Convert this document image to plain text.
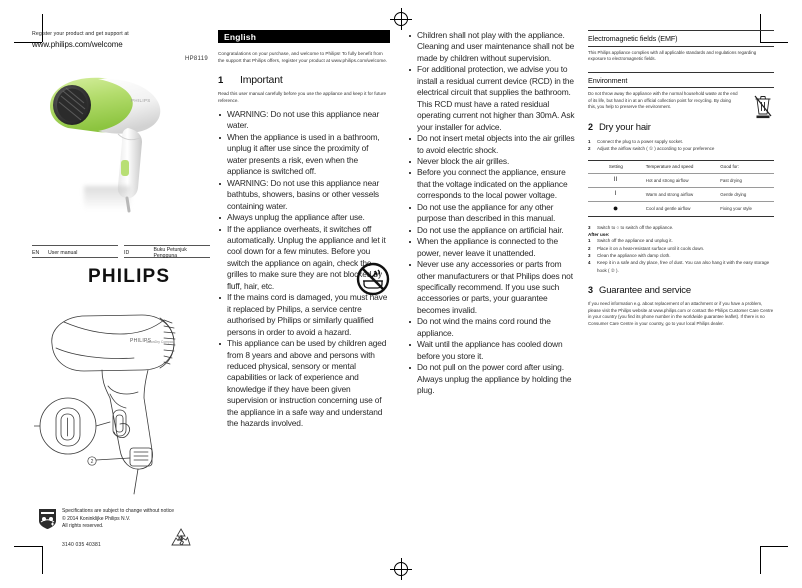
Register your product and get support at
www.philips.com/welcome
HP8119
PHILIPS
EN	User manual	ID	Buku Petunjuk Pengguna
PHILIPS
2
PHILIPS
SalonDry Compact
Specifications are subject to change without notice
© 2014 Koninklijke Philips N.V.
All rights reserved.
3140 035 40381
English
Congratulations on your purchase, and welcome to Philips! To fully benefit from the support that Philips offers, register your product at www.philips.com/welcome.
1	Important
Read this user manual carefully before you use the appliance and keep it for future reference.
WARNING: Do not use this appliance near water.
When the appliance is used in a bathroom, unplug it after use since the proximity of water presents a risk, even when the appliance is switched off.
WARNING: Do not use this appliance near bathtubs, showers, basins or other vessels containing water.
Always unplug the appliance after use.
If the appliance overheats, it switches off automatically. Unplug the appliance and let it cool down for a few minutes. Before you switch the appliance on again, check the grilles to make sure they are not blocked by fluff, hair, etc.
If the mains cord is damaged, you must have it replaced by Philips, a service centre authorised by Philips or similarly qualified persons in order to avoid a hazard.
This appliance can be used by children aged from 8 years and above and persons with reduced physical, sensory or mental capabilities or lack of experience and knowledge if they have been given supervision or instruction concerning use of the appliance in a safe way and understand the hazards involved.
Children shall not play with the appliance. Cleaning and user maintenance shall not be made by children without supervision.
For additional protection, we advise you to install a residual current device (RCD) in the electrical circuit that supplies the bathroom. This RCD must have a rated residual operating current not higher than 30mA. Ask your installer for advice.
Do not insert metal objects into the air grilles to avoid electric shock.
Never block the air grilles.
Before you connect the appliance, ensure that the voltage indicated on the appliance corresponds to the local power voltage.
Do not use the appliance for any other purpose than described in this manual.
Do not use the appliance on artificial hair.
When the appliance is connected to the power, never leave it unattended.
Never use any accessories or parts from other manufacturers or that Philips does not specifically recommend. If you use such accessories or parts, your guarantee becomes invalid.
Do not wind the mains cord round the appliance.
Wait until the appliance has cooled down before you store it.
Do not pull on the power cord after using. Always unplug the appliance by holding the plug.
Electromagnetic fields (EMF)
This Philips appliance complies with all applicable standards and regulations regarding exposure to electromagnetic fields.
Environment
Do not throw away the appliance with the normal household waste at the end of its life, but hand it in at an official collection point for recycling. By doing this, you help to preserve the environment.
2 Dry your hair
1 Connect the plug to a power supply socket.
2 Adjust the airflow switch ( ① ) according to your preference
Setting	Temperature and speed	Good for:
II	Hot and strong airflow	Fast drying
I	Warm and strong airflow	Gentle drying
●	Cool and gentle airflow	Fixing your style
3 Switch to ○ to switch off the appliance.
After use:
1 Switch off the appliance and unplug it.
2 Place it on a heat-resistant surface until it cools down.
3 Clean the appliance with damp cloth.
4 Keep it in a safe and dry place, free of dust. You can also hang it with the easy storage hook ( ② ).
3 Guarantee and service
If you need information e.g. about replacement of an attachment or if you have a problem, please visit the Philips website at www.philips.com or contact the Philips Customer Care Centre in your country (you find its phone number in the worldwide guarantee leaflet). If there is no Consumer Care Centre in your country, go to your local Philips dealer.
